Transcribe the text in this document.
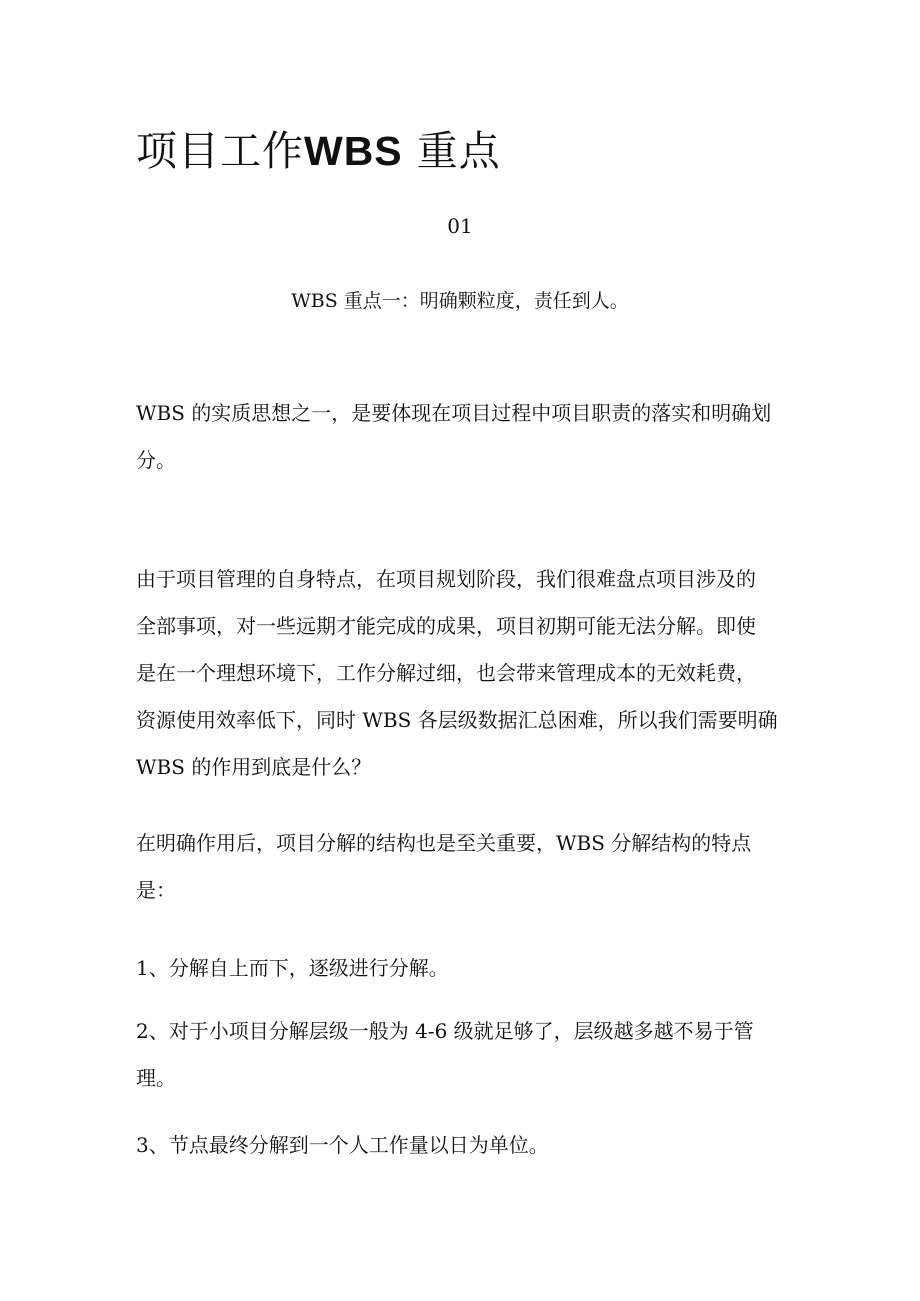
项目工作WBS 重点

01

WBS 重点一：明确颗粒度，责任到人。

WBS 的实质思想之一，是要体现在项目过程中项目职责的落实和明确划
分。

由于项目管理的自身特点，在项目规划阶段，我们很难盘点项目涉及的
全部事项，对一些远期才能完成的成果，项目初期可能无法分解。即使
是在一个理想环境下，工作分解过细，也会带来管理成本的无效耗费，
资源使用效率低下，同时 WBS 各层级数据汇总困难，所以我们需要明确
WBS 的作用到底是什么？

在明确作用后，项目分解的结构也是至关重要，WBS 分解结构的特点
是：

1、分解自上而下，逐级进行分解。

2、对于小项目分解层级一般为 4-6 级就足够了，层级越多越不易于管
理。

3、节点最终分解到一个人工作量以日为单位。
